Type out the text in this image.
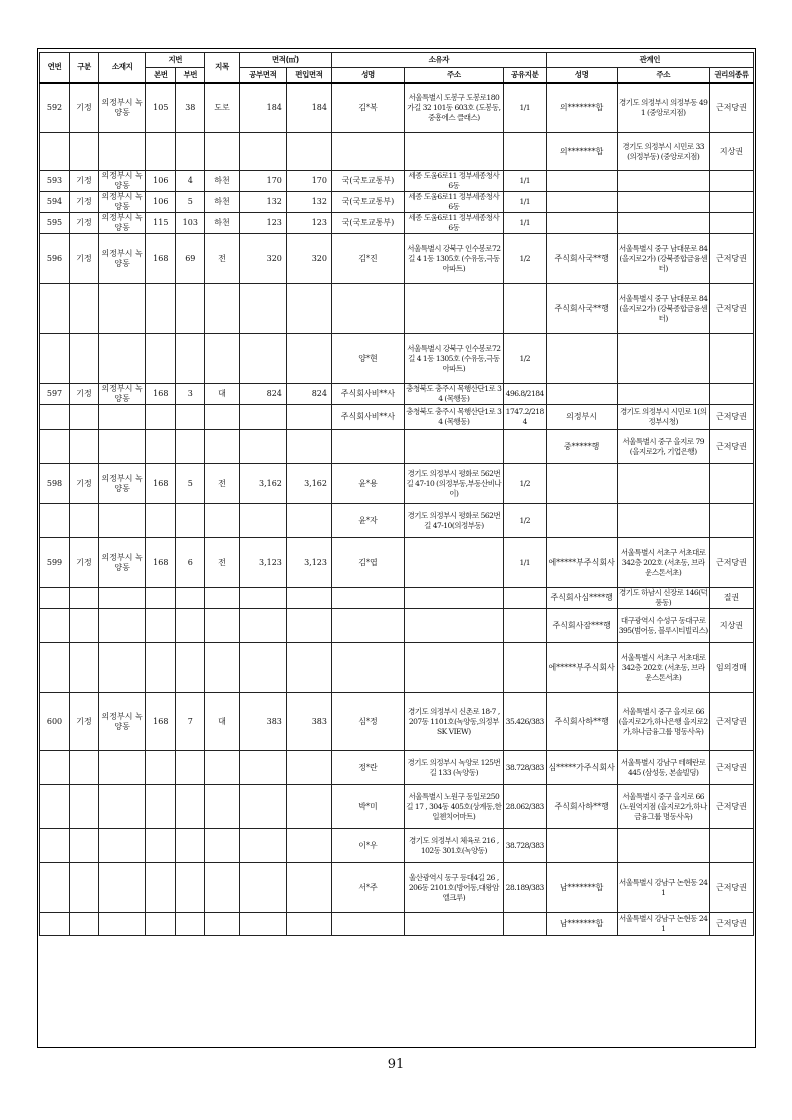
연번	구분	소재지	지번		지목	면적(㎡)		소유자			관계인		
			본번	부번		공부면적	편입면적	성명	주소	공유지분	성명	주소	권리의종류
592	기정	의정부시 녹양동	105	38	도로	184	184	김*복	서울특별시 도봉구 도봉로180가길 32 101동 603호 (도봉동,중흥에스 클래스)	1/1	의*******합	경기도 의정부시 의정부동 491 (중앙로지점)	근저당권
											의*******합	경기도 의정부시 시민로 33(의정부동) (중앙로지점)	지상권
593	기정	의정부시 녹양동	106	4	하천	170	170	국(국토교통부)	세종 도움6로11 정부세종청사 6동	1/1			
594	기정	의정부시 녹양동	106	5	하천	132	132	국(국토교통부)	세종 도움6로11 정부세종청사 6동	1/1			
595	기정	의정부시 녹양동	115	103	하천	123	123	국(국토교통부)	세종 도움6로11 정부세종청사 6동	1/1			
596	기정	의정부시 녹양동	168	69	전	320	320	김*진	서울특별시 강북구 인수봉로72길 4 1동 1305호 (수유동,극동아파트)	1/2	주식회사국**행	서울특별시 중구 남대문로 84 (을지로2가) (강북종합금융센터)	근저당권
											주식회사국**행	서울특별시 중구 남대문로 84 (을지로2가) (강북종합금융센터)	근저당권
								양*현	서울특별시 강북구 인수봉로72길 4 1동 1305호 (수유동,극동아파트)	1/2			
597	기정	의정부시 녹양동	168	3	대	824	824	주식회사비**사	충청북도 충주시 목행산단1로 34 (목행동)	496.8/2184			
								주식회사비**사	충청북도 충주시 목행산단1로 34 (목행동)	1747.2/2184	의정부시	경기도 의정부시 시민로 1(의정부시청)	근저당권
											중*****행	서울특별시 중구 을지로 79(을지로2가, 기업은행)	근저당권
598	기정	의정부시 녹양동	168	5	전	3,162	3,162	윤*용	경기도 의정부시 평화로 562번길 47-10 (의정부동,부동산비나이)	1/2			
								윤*자	경기도 의정부시 평화로 562번길 47-10(의정부동)	1/2			
599	기정	의정부시 녹양동	168	6	전	3,123	3,123	김*엽		1/1	에*****부주식회사	서울특별시 서초구 서초대로 342층 202호 (서초동, 브라운스톤서초)	근저당권
											주식회사심****행	경기도 하남시 신장로 146(덕풍동)	질권
											주식회사잠***행	대구광역시 수성구 동대구로 395(범어동, 블루시티빌리스)	지상권
											에*****부주식회사	서울특별시 서초구 서초대로 342층 202호 (서초동, 브라운스톤서초)	임의경매
600	기정	의정부시 녹양동	168	7	대	383	383	심*정	경기도 의정부시 신촌로 18-7 , 207동 1101호(녹양동,의정부 SK VIEW)	35.426/383	주식회사하**행	서울특별시 중구 을지로 66(을지로2가,하나은행 을지로2가,하나금융그룹 명동사옥)	근저당권
								정*란	경기도 의정부시 녹양로 125번길 133 (녹양동)	38.728/383	심*****가주식회사	서울특별시 강남구 테헤란로 445 (삼성동, 본솔빌딩)	근저당권
								박*미	서울특별시 노원구 동일로250길 17 , 304동 405호(상계동,한일첸치어마트)	28.062/383	주식회사하**행	서울특별시 중구 을지로 66(노원역지점 (을지로2가,하나금융그룹 명동사옥)	근저당권
								이*우	경기도 의정부시 체육로 216 , 102동 301호(녹양동)	38.728/383			
								서*주	울산광역시 동구 등대4길 26 , 206동 2101호(방어동,대왕암 엘크루)	28.189/383	남*******합	서울특별시 강남구 논현동 241	근저당권
											남*******합	서울특별시 강남구 논현동 241	근저당권
91
